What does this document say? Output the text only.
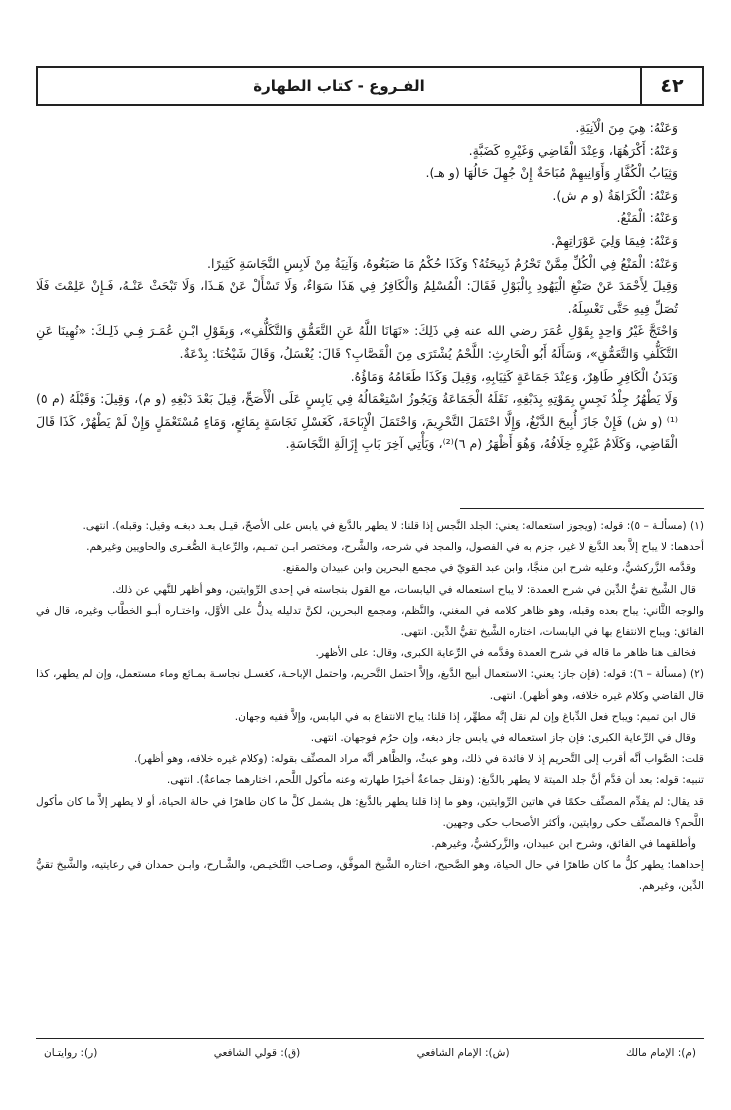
٤٢
الفـروع - كتاب الطهارة

وَعَنْهُ: هِيَ مِنَ الْآنِيَةِ.

وَعَنْهُ: أَكْرَهُهَا، وَعِنْدَ الْقَاضِي وَغَيْرِهِ كَضَبَّةٍ.

وَثِيَابُ الْكُفَّارِ وَأَوَانِيهِمْ مُبَاحَةٌ إِنْ جُهِلَ حَالُهَا (و هـ).

وَعَنْهُ: الْكَرَاهَةُ (و م ش).

وَعَنْهُ: الْمَنْعُ.

وَعَنْهُ: فِيمَا وَلِيَ عَوْرَاتِهِمْ.

وَعَنْهُ: الْمَنْعُ فِي الْكُلِّ مِمَّنْ تَحْرُمُ ذَبِيحَتُهُ؟ وَكَذَا حُكْمُ مَا صَبَغُوهُ، وَآنِيَةُ مِنْ لَابِسِ النَّجَاسَةِ كَثِيرًا.

وَقِيلَ لِأَحْمَدَ عَنْ صَبْغِ الْيَهُودِ بِالْبَوْلِ فَقَالَ: الْمُسْلِمُ وَالْكَافِرُ فِي هَذَا سَوَاءٌ، وَلَا تَسْأَلْ عَنْ هَـذَا، وَلَا تَبْحَثْ عَنْـهُ، فَـإِنْ عَلِمْتَ فَلَا تُصَلِّ فِيهِ حَتَّى تَغْسِلَهُ.

وَاحْتَجَّ غَيْرُ وَاحِدٍ بِقَوْلِ عُمَرَ رضي الله عنه فِي ذَلِكَ: «نَهَانَا اللَّهُ عَنِ التَّعَمُّقِ وَالتَّكَلُّفِ»، وَبِقَوْلِ ابْـنِ عُمَـرَ فِـي ذَلِـكَ: «نُهِينَا عَنِ التَّكَلُّفِ وَالتَّعَمُّقِ»، وَسَأَلَهُ أَبُو الْحَارِثِ: اللَّحْمُ يُشْتَرَى مِنَ الْقَصَّابِ؟ قَالَ: يُغْسَلُ، وَقَالَ شَيْخُنَا: بِدْعَةٌ.

وَبَدَنُ الْكَافِرِ طَاهِرٌ، وَعِنْدَ جَمَاعَةٍ كَثِيَابِهِ، وَقِيلَ وَكَذَا طَعَامُهُ وَمَاؤُهُ.

وَلَا يَطْهُرُ جِلْدُ نَجِسٍ بِمَوْتِهِ بِدَبْغِهِ، نَقَلَهُ الْجَمَاعَةُ وَيَجُوزُ اسْتِعْمَالُهُ فِي يَابِسٍ عَلَى الْأَصَحِّ، قِيلَ بَعْدَ دَبْغِهِ (و م)، وَقِيلَ: وَقَبْلَهُ (م ٥)⁽¹⁾ (و ش) فَإِنْ جَازَ أُبِيحَ الدَّبْغُ، وَإِلَّا احْتَمَلَ التَّحْرِيمَ، وَاحْتَمَلَ الْإِبَاحَةَ، كَغَسْلِ نَجَاسَةٍ بِمَائِعٍ، وَمَاءٍ مُسْتَعْمَلٍ وَإِنْ لَمْ يَطْهُرْ، كَذَا قَالَ الْقَاضِي، وَكَلَامُ غَيْرِهِ خِلَافُهُ، وَهُوَ أَظْهَرُ (م ٦)⁽²⁾، وَيَأْتِي آخِرَ بَابِ إِزَالَةِ النَّجَاسَةِ.

(١) (مسألـة – ٥): قوله: (ويجوز استعماله: يعني: الجلد النَّجس إذا قلنا: لا يطهر بالدَّبغ في يابس على الأصحّ، قيـل بعـد دبغـه وقيل: وقبله). انتهى.

أحدهما: لا يباح إلاَّ بعد الدَّبغ لا غير، جزم به في الفصول، والمجد في شرحه، والشَّرح، ومختصر ابـن تمـيم، والرِّعايـة الصُّغـرى والحاويين وغيرهم.

وقدَّمه الزَّركشيُّ، وعليه شرح ابن منجَّا، وابن عبد القويّ في مجمع البحرين وابن عبيدان والمقنع.

قال الشَّيخ تقيُّ الدِّين في شرح العمدة: لا يباح استعماله في اليابسات، مع القول بنجاسته في إحدى الرِّوايتين، وهو أظهر للنَّهي عن ذلك.

والوجه الثَّاني: يباح بعده وقبله، وهو ظاهر كلامه في المغني، والنَّظم، ومجمع البحرين، لكنَّ تدليله يدلُّ على الأوَّل، واختـاره أبـو الخطَّاب وغيره، قال في الفائق: ويباح الانتفاع بها في اليابسات، اختاره الشَّيخ تقيُّ الدِّين. انتهى.

فخالف هنا ظاهر ما قاله في شرح العمدة وقدَّمه في الرِّعاية الكبرى، وقال: على الأظهر.

(٢) (مسألة – ٦): قوله: (فإن جاز: يعني: الاستعمال أبيح الدَّبغ، وإلاَّ احتمل التَّحريم، واحتمل الإباحـة، كغسـل نجاسـة بمـائع وماء مستعمل، وإن لم يطهر، كذا قال القاضي وكلام غيره خلافه، وهو أظهر). انتهى.

قال ابن تميم: ويباح فعل الدِّباغ وإن لم نقل إنَّه مطهِّر، إذا قلنا: يباح الانتفاع به في اليابس، وإلاَّ ففيه وجهان.

وقال في الرِّعاية الكبرى: فإن جاز استعماله في يابس جاز دبغه، وإن حرُم فوجهان. انتهى.

قلت: الصَّواب أنَّه أقرب إلى التَّحريم إذ لا فائدة في ذلك، وهو عبثٌ، والظَّاهر أنَّه مراد المصنِّف بقوله: (وكلام غيره خلافه، وهو أظهر).

تنبيه: قوله: بعد أن قدَّم أنَّ جلد الميتة لا يطهر بالدَّبغ: (ونقل جماعةٌ أخيرًا طهارته وعنه مأكول اللَّحم، اختارهما جماعةٌ). انتهى.

قد يقال: لم يقدِّم المصنِّف حكمًا في هاتين الرِّوايتين، وهو ما إذا قلنا يطهر بالدَّبغ: هل يشمل كلَّ ما كان طاهرًا في حالة الحياة، أو لا يطهر إلاَّ ما كان مأكول اللَّحم؟ فالمصنِّف حكى روايتين، وأكثر الأصحاب حكى وجهين.

وأطلقهما في الفائق، وشرح ابن عبيدان، والزَّركشيُّ، وغيرهم.

إحداهما: يطهر كلُّ ما كان طاهرًا في حال الحياة، وهو الصَّحيح، اختاره الشَّيخ الموفَّق، وصـاحب التَّلخيـص، والشَّـارح، وابـن حمدان في رعايتيه، والشَّيخ تقيُّ الدِّين، وغيرهم.

(م): الإمام مالك
(ش): الإمام الشافعي
(ق): قولي الشافعي
(ر): روايتـان
